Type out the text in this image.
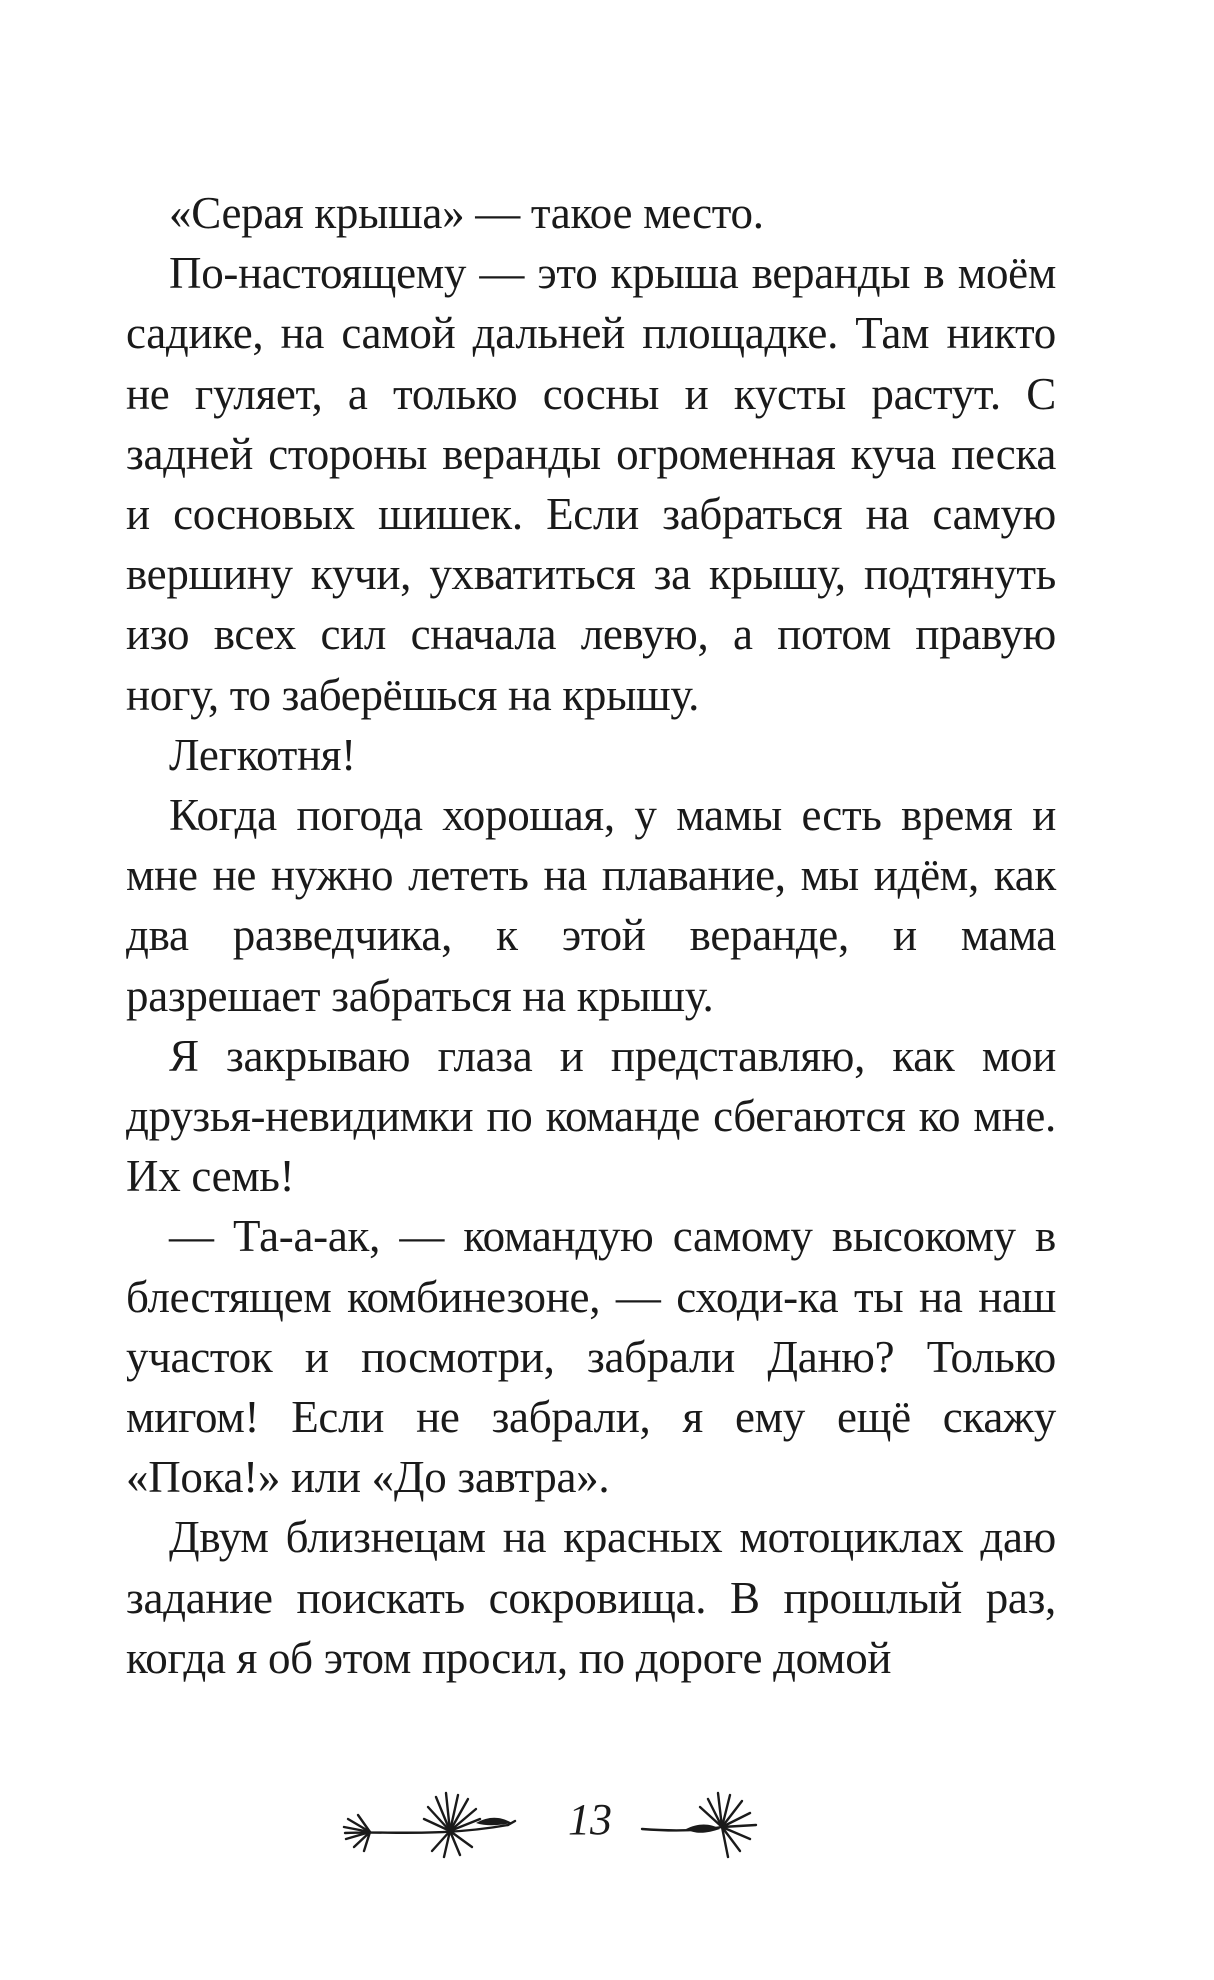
«Серая крыша» — такое место.

По-настоящему — это крыша веранды в моём садике, на самой дальней площадке. Там никто не гуляет, а только сосны и кусты растут. С задней стороны веранды огроменная куча песка и сосновых шишек. Если забраться на самую вершину кучи, ухватиться за крышу, подтянуть изо всех сил сначала левую, а потом правую ногу, то заберёшься на крышу.

Легкотня!

Когда погода хорошая, у мамы есть время и мне не нужно лететь на плавание, мы идём, как два разведчика, к этой веранде, и мама разрешает забраться на крышу.

Я закрываю глаза и представляю, как мои друзья-невидимки по команде сбегаются ко мне. Их семь!

— Та-а-ак, — командую самому высокому в блестящем комбинезоне, — сходи-ка ты на наш участок и посмотри, забрали Даню? Только мигом! Если не забрали, я ему ещё скажу «Пока!» или «До завтра».

Двум близнецам на красных мотоциклах даю задание поискать сокровища. В прошлый раз, когда я об этом просил, по дороге домой

13
